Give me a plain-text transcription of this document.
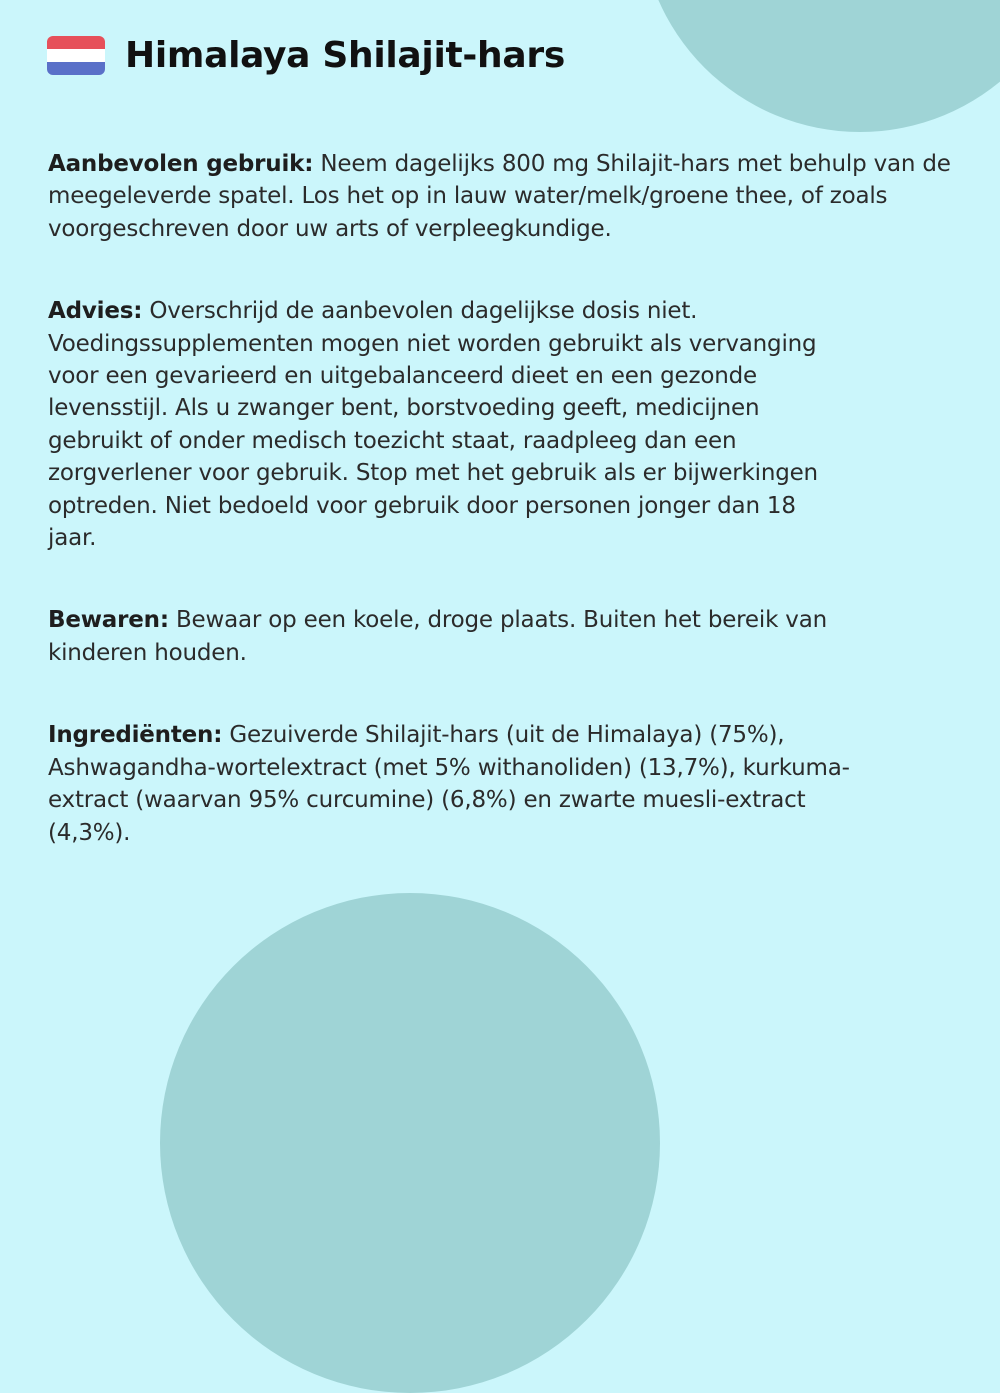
Himalaya Shilajit-hars

Aanbevolen gebruik: Neem dagelijks 800 mg Shilajit-hars met behulp van de meegeleverde spatel. Los het op in lauw water/melk/groene thee, of zoals voorgeschreven door uw arts of verpleegkundige.

Advies: Overschrijd de aanbevolen dagelijkse dosis niet. Voedingssupplementen mogen niet worden gebruikt als vervanging voor een gevarieerd en uitgebalanceerd dieet en een gezonde levensstijl. Als u zwanger bent, borstvoeding geeft, medicijnen gebruikt of onder medisch toezicht staat, raadpleeg dan een zorgverlener voor gebruik. Stop met het gebruik als er bijwerkingen optreden. Niet bedoeld voor gebruik door personen jonger dan 18 jaar.

Bewaren: Bewaar op een koele, droge plaats. Buiten het bereik van kinderen houden.

Ingrediënten: Gezuiverde Shilajit-hars (uit de Himalaya) (75%), Ashwagandha-wortelextract (met 5% withanoliden) (13,7%), kurkuma-extract (waarvan 95% curcumine) (6,8%) en zwarte muesli-extract (4,3%).
